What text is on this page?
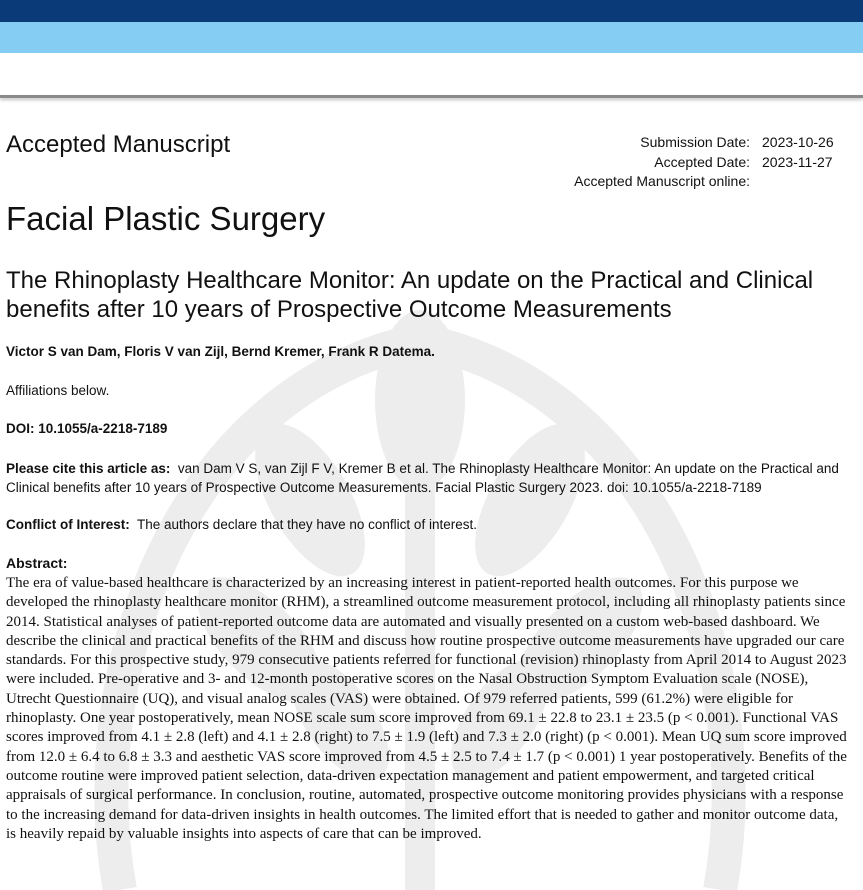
Accepted Manuscript	Submission Date: 2023-10-26
Accepted Date: 2023-11-27
Accepted Manuscript online:
Facial Plastic Surgery
The Rhinoplasty Healthcare Monitor: An update on the Practical and Clinical benefits after 10 years of Prospective Outcome Measurements
Victor S van Dam, Floris V van Zijl, Bernd Kremer, Frank R Datema.
Affiliations below.
DOI: 10.1055/a-2218-7189
Please cite this article as: van Dam V S, van Zijl F V, Kremer B et al. The Rhinoplasty Healthcare Monitor: An update on the Practical and Clinical benefits after 10 years of Prospective Outcome Measurements. Facial Plastic Surgery 2023. doi: 10.1055/a-2218-7189
Conflict of Interest: The authors declare that they have no conflict of interest.
Abstract:
The era of value-based healthcare is characterized by an increasing interest in patient-reported health outcomes. For this purpose we developed the rhinoplasty healthcare monitor (RHM), a streamlined outcome measurement protocol, including all rhinoplasty patients since 2014. Statistical analyses of patient-reported outcome data are automated and visually presented on a custom web-based dashboard. We describe the clinical and practical benefits of the RHM and discuss how routine prospective outcome measurements have upgraded our care standards. For this prospective study, 979 consecutive patients referred for functional (revision) rhinoplasty from April 2014 to August 2023 were included. Pre-operative and 3- and 12-month postoperative scores on the Nasal Obstruction Symptom Evaluation scale (NOSE), Utrecht Questionnaire (UQ), and visual analog scales (VAS) were obtained. Of 979 referred patients, 599 (61.2%) were eligible for rhinoplasty. One year postoperatively, mean NOSE scale sum score improved from 69.1 ± 22.8 to 23.1 ± 23.5 (p < 0.001). Functional VAS scores improved from 4.1 ± 2.8 (left) and 4.1 ± 2.8 (right) to 7.5 ± 1.9 (left) and 7.3 ± 2.0 (right) (p < 0.001). Mean UQ sum score improved from 12.0 ± 6.4 to 6.8 ± 3.3 and aesthetic VAS score improved from 4.5 ± 2.5 to 7.4 ± 1.7 (p < 0.001) 1 year postoperatively. Benefits of the outcome routine were improved patient selection, data-driven expectation management and patient empowerment, and targeted critical appraisals of surgical performance. In conclusion, routine, automated, prospective outcome monitoring provides physicians with a response to the increasing demand for data-driven insights in health outcomes. The limited effort that is needed to gather and monitor outcome data, is heavily repaid by valuable insights into aspects of care that can be improved.
